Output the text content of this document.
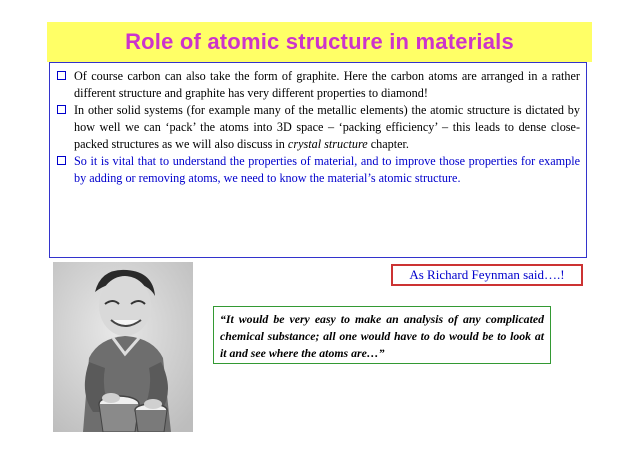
Role of atomic structure in materials
Of course carbon can also take the form of graphite. Here the carbon atoms are arranged in a rather different structure and graphite has very different properties to diamond!
In other solid systems (for example many of the metallic elements) the atomic structure is dictated by how well we can ‘pack’ the atoms into 3D space – ‘packing efficiency’ – this leads to dense close-packed structures as we will also discuss in crystal structure chapter.
So it is vital that to understand the properties of material, and to improve those properties for example by adding or removing atoms, we need to know the material’s atomic structure.
As Richard Feynman said….!
“It would be very easy to make an analysis of any complicated chemical substance; all one would have to do would be to look at it and see where the atoms are…”
